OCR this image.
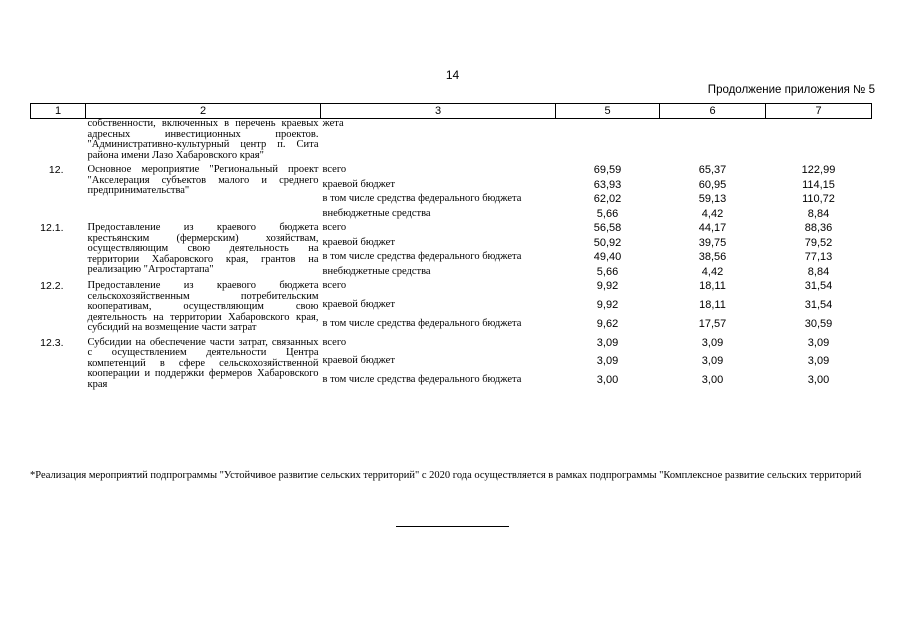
14
Продолжение приложения № 5
1	2	3	5	6	7
	собственности, включенных в перечень краевых адресных инвестиционных проектов. "Административно-культурный центр п. Сита района имени Лазо Хабаровского края"	жета			
12.	Основное мероприятие "Региональный проект "Акселерация субъектов малого и среднего предпринимательства"	всего	69,59	65,37	122,99
		краевой бюджет	63,93	60,95	114,15
		в том числе средства федерального бюджета	62,02	59,13	110,72
		внебюджетные средства	5,66	4,42	8,84
12.1.	Предоставление из краевого бюджета крестьянским (фермерским) хозяйствам, осуществляющим свою деятельность на территории Хабаровского края, грантов на реализацию "Агростартапа"	всего	56,58	44,17	88,36
		краевой бюджет	50,92	39,75	79,52
		в том числе средства федерального бюджета	49,40	38,56	77,13
		внебюджетные средства	5,66	4,42	8,84
12.2.	Предоставление из краевого бюджета сельскохозяйственным потребительским кооперативам, осуществляющим свою деятельность на территории Хабаровского края, субсидий на возмещение части затрат	всего	9,92	18,11	31,54
		краевой бюджет	9,92	18,11	31,54
		в том числе средства федерального бюджета	9,62	17,57	30,59
12.3.	Субсидии на обеспечение части затрат, связанных с осуществлением деятельности Центра компетенций в сфере сельскохозяйственной кооперации и поддержки фермеров Хабаровского края	всего	3,09	3,09	3,09
		краевой бюджет	3,09	3,09	3,09
		в том числе средства федерального бюджета	3,00	3,00	3,00
*Реализация мероприятий подпрограммы "Устойчивое развитие сельских территорий" с 2020 года осуществляется в рамках подпрограммы "Комплексное развитие сельских территорий
